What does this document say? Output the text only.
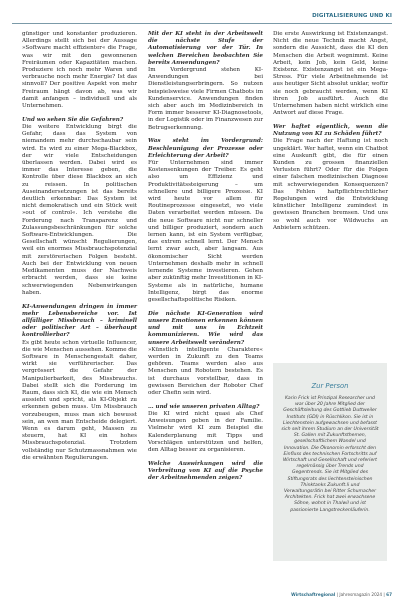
DIGITALISIERUNG UND KI

günstiger und konstanter produzieren. Allerdings stellt sich bei der Aussage »Software macht effizienter« die Frage, was wir mit den gewonnenen Freiräumen oder Kapazitäten machen. Produziere ich noch mehr Waren und verbrauche noch mehr Energie? Ist das sinnvoll? Der positive Aspekt von mehr Freiraum hängt davon ab, was wir damit anfangen – individuell und als Unternehmen.

Und wo sehen Sie die Gefahren?

Die weitere Entwicklung birgt die Gefahr, dass das System von niemandem mehr durchschaubar sein wird. Es wird zu einer Mega-Blackbox, der wir viele Entscheidungen überlassen werden. Dabei wird es immer das Interesse geben, die Kontrolle über diese Blackbox an sich zu reissen. In politischen Auseinandersetzungen ist das bereits deutlich erkennbar. Das System ist nicht demokratisch und ein Stück weit »out of control«. Ich verstehe die Forderung nach Transparenz und Zulassungsbeschränkungen für solche Software-Entwicklungen. Die Gesellschaft wünscht Regulierungen, weil ein enormes Missbrauchspotenzial mit zerstörerischen Folgen besteht. Auch bei der Entwicklung von neuen Medikamenten muss der Nachweis erbracht werden, dass sie keine schwerwiegenden Nebenwirkungen haben.

KI-Anwendungen dringen in immer mehr Lebensbereiche vor. Ist allfälliger Missbrauch – kriminell oder politischer Art – überhaupt kontrollierbar?

Es gibt heute schon virtuelle Influencer, die wie Menschen aussehen. Komme die Software in Menschengestalt daher, wirkt sie verführerischer. Das vergrössert die Gefahr der Manipulierbarkeit, des Missbrauchs. Dabei stellt sich die Forderung im Raum, dass sich KI, die wie ein Mensch aussieht und spricht, als KI-Objekt zu erkennen geben muss. Um Missbrauch vorzubeugen, muss man sich bewusst sein, an wen man Entscheide delegiert. Wenn es darum geht, Massen zu steuern, hat KI ein hohes Missbrauchspotenzial. Trotzdem vollständig nur Schutzmassnahmen wie die erwähnten Regulierungen.

Mit der KI steht in der Arbeitswelt die nächste Stufe der Automatisierung vor der Tür. In welchen Bereichen beobachten Sie bereits Anwendungen?

Im Vordergrund stehen KI-Anwendungen bei Dienstleistungserbringern. So nutzen beispielsweise viele Firmen Chatbots im Kundenservice. Anwendungen finden sich aber auch im Medizinbereich in Form immer besserer KI-Diagnosetools, in der Logistik oder im Finanzwesen zur Betrugserkennung.

Was steht im Vordergrund: Beschleunigung der Prozesse oder Erleichterung der Arbeit?

Für Unternehmen sind immer Kostensenkungen der Treiber. Es geht also um Effizienz und Produktivitätssteigerung – um schnellere und billigere Prozesse. KI wird heute vor allem für Routineprozesse eingesetzt, wo viele Daten verarbeitet werden müssen. Da die neue Software nicht nur schneller und billiger produziert, sondern auch lernen kann, ist ein System verfügbar, das extrem schnell lernt. Der Mensch lernt zwar auch, aber langsam. Aus ökonomischer Sicht werden Unternehmen deshalb mehr in schnell lernende Systeme investieren. Gehen aber zukünftig mehr Investitionen in KI-Systeme als in natürliche, humane Intelligenz, birgt das enorme gesellschaftspolitische Risiken.

Die nächste KI-Generation wird unsere Emotionen erkennen können und mit uns in Echtzeit kommunizieren. Wie wird das unsere Arbeitswelt verändern?

»Künstlich intelligente Charaktere« werden in Zukunft zu den Teams gehören. Teams werden also aus Menschen und Robotern bestehen. Es ist durchaus vorstellbar, dass in gewissen Bereichen der Roboter Chef oder Chefin sein wird.

… und wie unseren privaten Alltag?

Die KI wird nicht quasi als Chef Anweisungen geben in der Familie. Vielmehr wird KI zum Beispiel die Kalenderplanung mit Tipps und Vorschlägen unterstützen und helfen, den Alltag besser zu organisieren.

Welche Auswirkungen wird die Verbreitung von KI auf die Psyche der Arbeitnehmenden zeigen?

Die erste Auswirkung ist Existenzangst. Nicht die neue Technik macht Angst, sondern die Aussicht, dass die KI den Menschen die Arbeit wegnimmt. Keine Arbeit, kein Job, kein Geld, keine Existenz. Existenzangst ist ein Mega-Stress. Für viele Arbeitnehmende ist aus heutiger Sicht absolut unklar, wofür sie noch gebraucht werden, wenn KI ihren Job ausführt. Auch die Unternehmen haben nicht wirklich eine Antwort auf diese Frage.

Wer haftet eigentlich, wenn die Nutzung von KI zu Schäden führt?

Die Frage nach der Haftung ist noch ungeklärt. Wer haftet, wenn ein Chatbot eine Auskunft gibt, die für einen Kunden zu grossen finanziellen Verlusten führt? Oder für die Folgen einer falschen medizinischen Diagnose mit schwerwiegenden Konsequenzen? Das Fehlen haftpflichtrechtlicher Regelungen wird die Entwicklung künstlicher Intelligenz zumindest in gewissen Branchen bremsen. Und uns so wohl auch vor Wildwuchs an Anbietern schützen.

Zur Person
Karin Frick ist Prinzipal Researcher und war über 20 Jahre Mitglied der Geschäftsleitung des Gottlieb Duttweiler Instituts (GDI) in Rüschlikon. Sie ist in Liechtenstein aufgewachsen und befasst sich seit ihrem Studium an der Universität St. Gallen mit Zukunftsthemen, gesellschaftlichem Wandel und Innovation. Die Ökonomin erforscht den Einfluss des technischen Fortschritts auf Wirtschaft und Gesellschaft und referiert regelmässig über Trends und Gegentrends. Sie ist Mitglied des Stiftungsrats des liechtensteinischen Thinktanks Zukunft.li und Verwaltungsrätin bei Ritter Schumacher Architekten. Frick hat zwei erwachsene Söhne, wohnt in Thalwil und ist passionierte Langstreckenläuferin.
Wirtschaftregional | Jahresmagazin 2024 | 67
